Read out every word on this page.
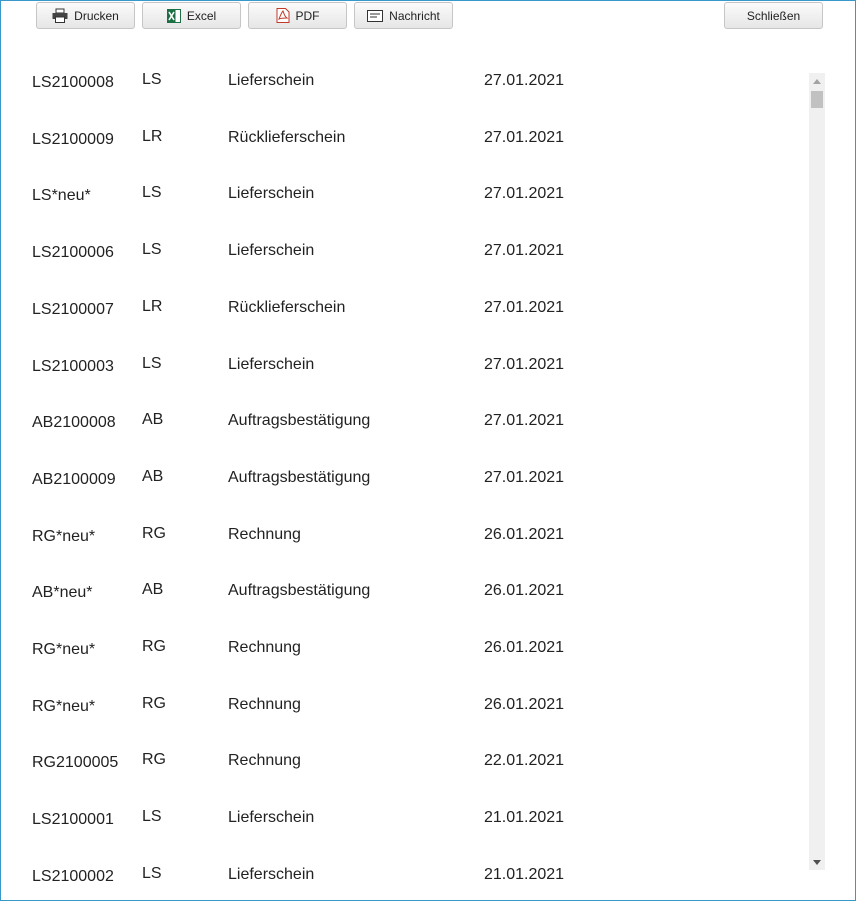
Drucken	Excel	PDF	Nachricht	Schließen
LS2100008 LS	Lieferschein	27.01.2021
LS2100009 LR	Rücklieferschein	27.01.2021
LS*neu*	LS	Lieferschein	27.01.2021
LS2100006 LS	Lieferschein	27.01.2021
LS2100007 LR	Rücklieferschein	27.01.2021
LS2100003 LS	Lieferschein	27.01.2021
AB2100008 AB	Auftragsbestätigung	27.01.2021
AB2100009 AB	Auftragsbestätigung	27.01.2021
RG*neu*	RG	Rechnung	26.01.2021
AB*neu*	AB	Auftragsbestätigung	26.01.2021
RG*neu*	RG	Rechnung	26.01.2021
RG*neu*	RG	Rechnung	26.01.2021
RG2100005 RG	Rechnung	22.01.2021
LS2100001 LS	Lieferschein	21.01.2021
LS2100002 LS	Lieferschein	21.01.2021
